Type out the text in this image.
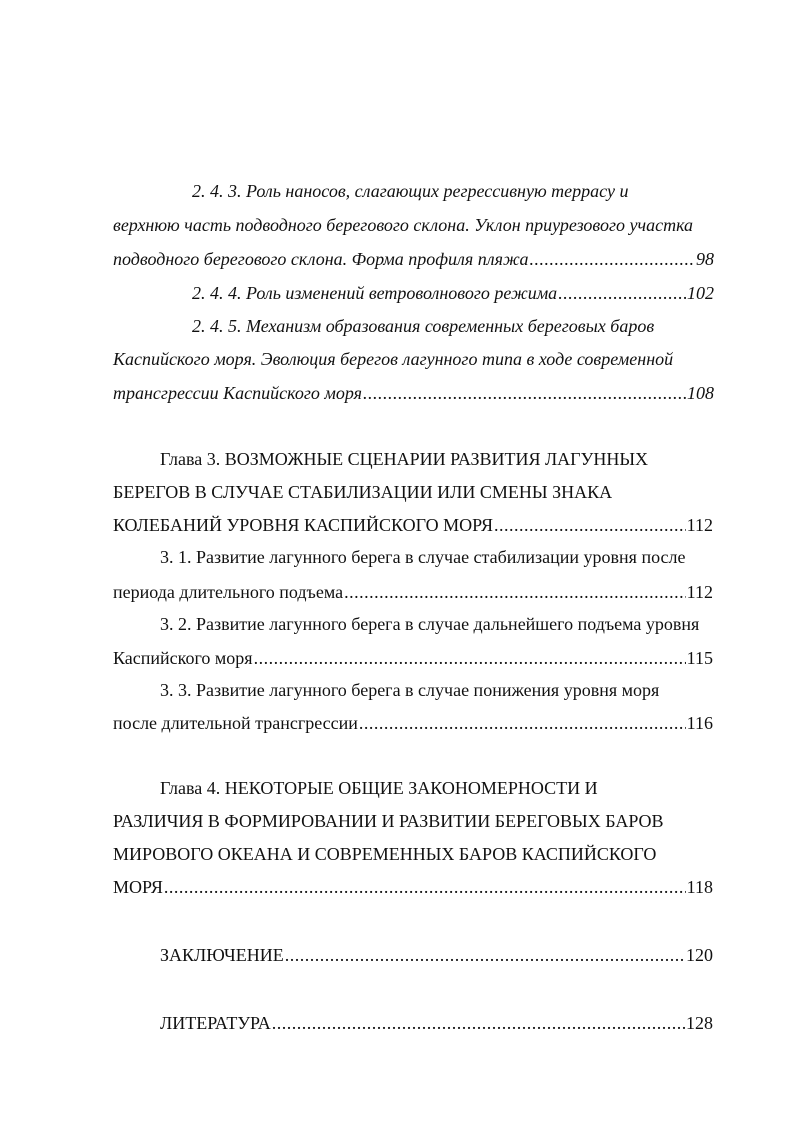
2. 4. 3. Роль наносов, слагающих регрессивную террасу и
верхнюю часть подводного берегового склона. Уклон приурезового участка
подводного берегового склона. Форма профиля пляжа .....	98
2. 4. 4. Роль изменений ветроволнового режима .....	102
2. 4. 5. Механизм образования современных береговых баров
Каспийского моря. Эволюция берегов лагунного типа в ходе современной
трансгрессии Каспийского моря .....	108
Глава 3. ВОЗМОЖНЫЕ СЦЕНАРИИ РАЗВИТИЯ ЛАГУННЫХ
БЕРЕГОВ В СЛУЧАЕ СТАБИЛИЗАЦИИ ИЛИ СМЕНЫ ЗНАКА
КОЛЕБАНИЙ УРОВНЯ КАСПИЙСКОГО МОРЯ .....	112
3. 1. Развитие лагунного берега в случае стабилизации уровня после
периода длительного подъема .....	112
3. 2. Развитие лагунного берега в случае дальнейшего подъема уровня
Каспийского моря .....	115
3. 3. Развитие лагунного берега в случае понижения уровня моря
после длительной трансгрессии .....	116
Глава 4. НЕКОТОРЫЕ ОБЩИЕ ЗАКОНОМЕРНОСТИ И
РАЗЛИЧИЯ В ФОРМИРОВАНИИ И РАЗВИТИИ БЕРЕГОВЫХ БАРОВ
МИРОВОГО ОКЕАНА И СОВРЕМЕННЫХ БАРОВ КАСПИЙСКОГО
МОРЯ .....	118
ЗАКЛЮЧЕНИЕ .....	120
ЛИТЕРАТУРА .....	128
